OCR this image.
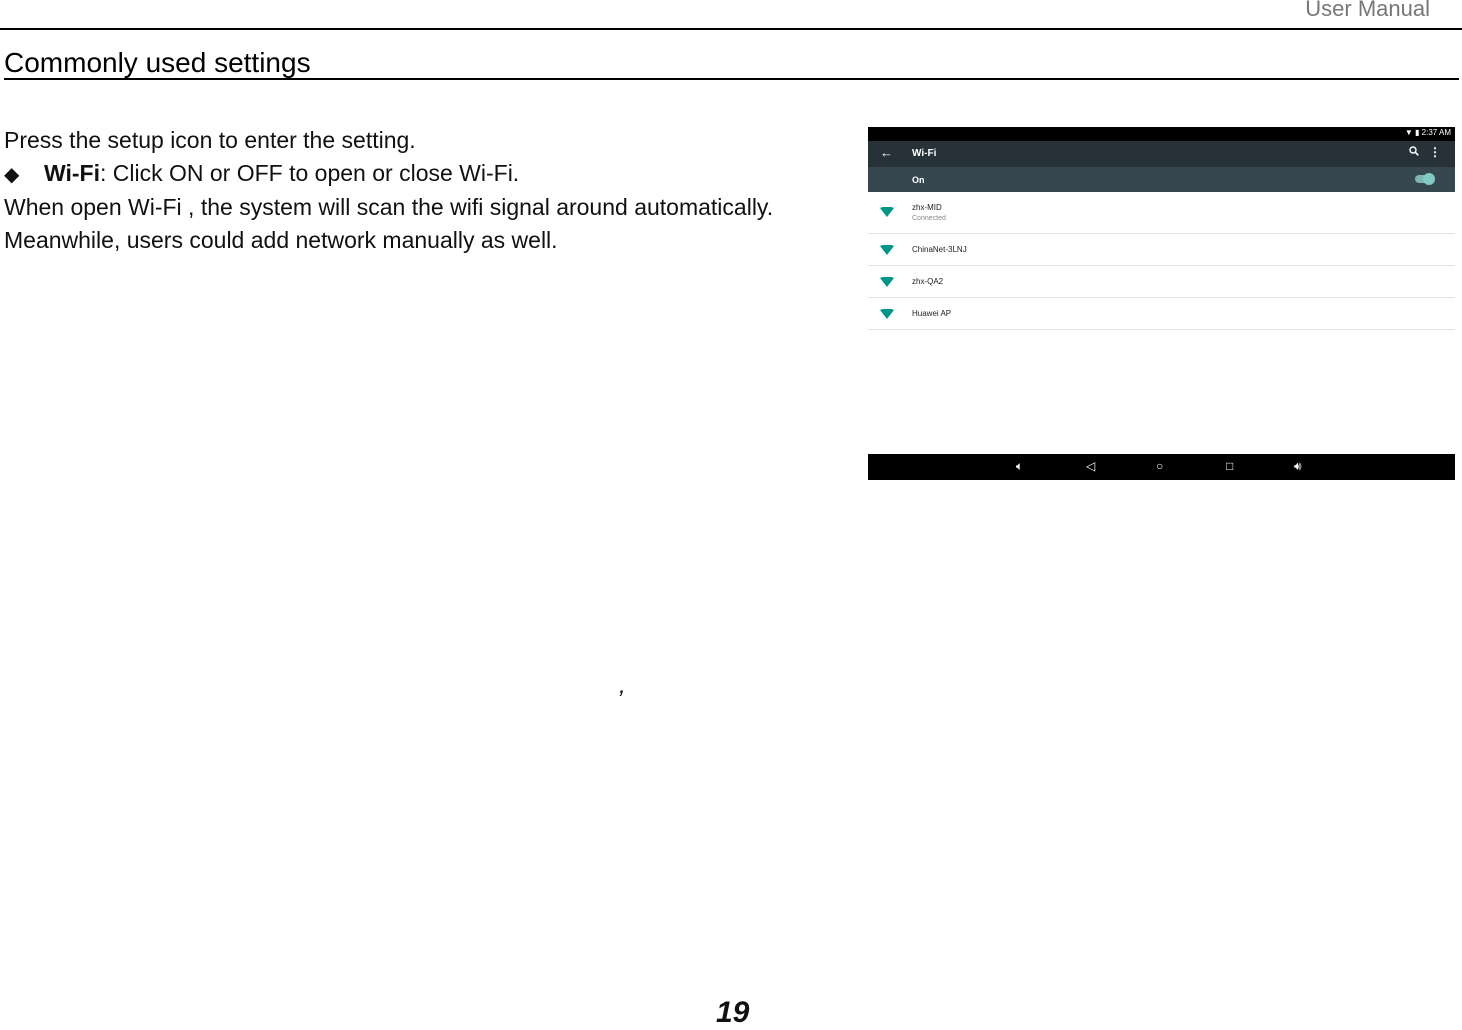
User Manual
Commonly used settings

Press the setup icon to enter the setting.

◆ Wi-Fi: Click ON or OFF to open or close Wi-Fi.

When open Wi-Fi , the system will scan the wifi signal around automatically.

Meanwhile, users could add network manually as well.

▼ ▮ 2:37 AM
← Wi-Fi	⋮
On
zhx-MID
Connected
ChinaNet-3LNJ
zhx-QA2
Huawei AP
🔈︎	◁	○	□	🔊︎
,
19
